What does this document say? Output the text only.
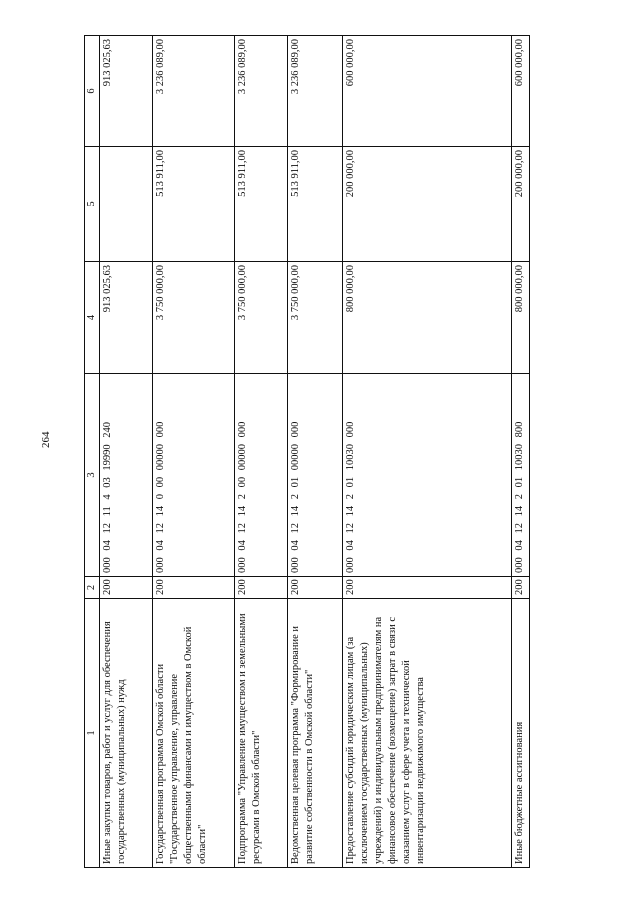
264
1	2	3	4	5	6
Иные закупки товаров, работ и услуг для обеспечения государственных (муниципальных) нужд	200	000 04 12 11 4 03 19990 240	913 025,63		913 025,63
Государственная программа Омской области "Государственное управление, управление общественными финансами и имуществом в Омской области"	200	000 04 12 14 0 00 00000 000	3 750 000,00	513 911,00	3 236 089,00
Подпрограмма "Управление имуществом и земельными ресурсами в Омской области"	200	000 04 12 14 2 00 00000 000	3 750 000,00	513 911,00	3 236 089,00
Ведомственная целевая программа "Формирование и развитие собственности в Омской области"	200	000 04 12 14 2 01 00000 000	3 750 000,00	513 911,00	3 236 089,00
Предоставление субсидий юридическим лицам (за исключением государственных (муниципальных) учреждений) и индивидуальным предпринимателям на финансовое обеспечение (возмещение) затрат в связи с оказанием услуг в сфере учета и технической инвентаризации недвижимого имущества	200	000 04 12 14 2 01 10030 000	800 000,00	200 000,00	600 000,00
Иные бюджетные ассигнования	200	000 04 12 14 2 01 10030 800	800 000,00	200 000,00	600 000,00
